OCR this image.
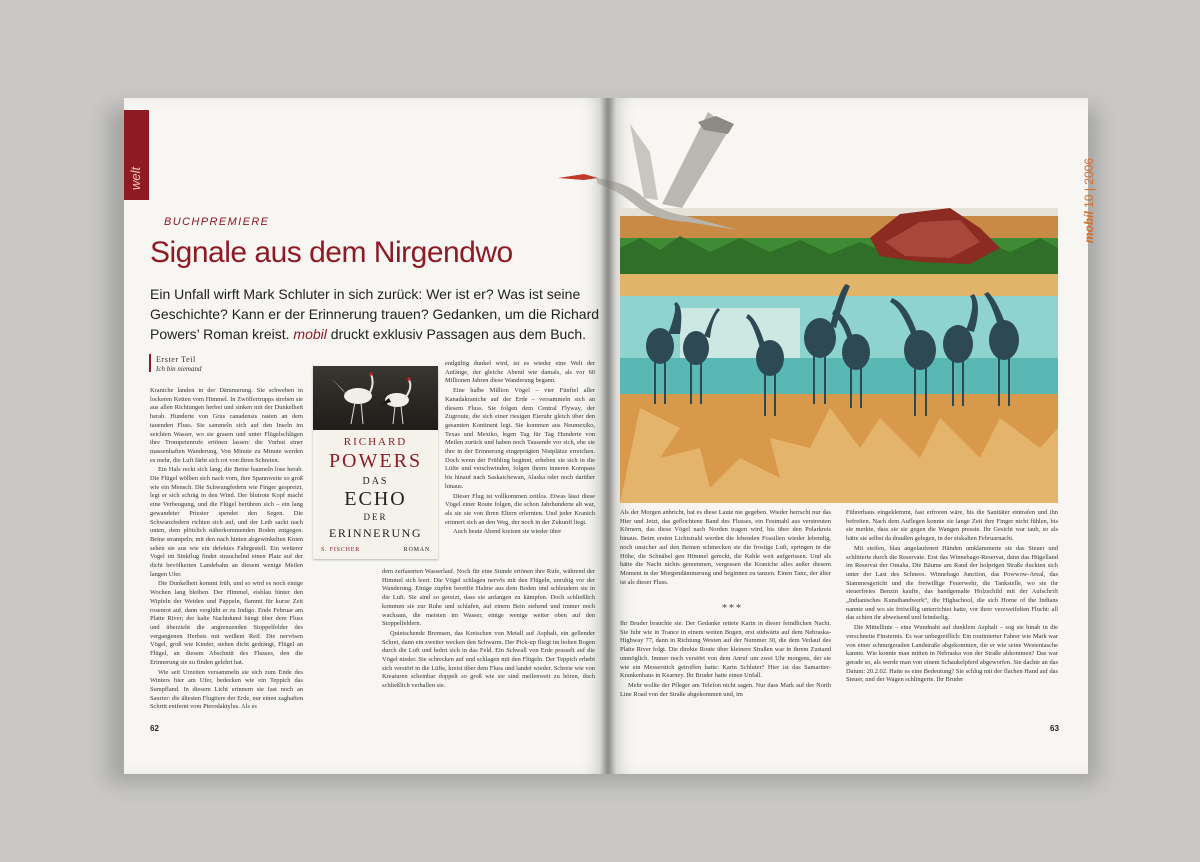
welt
BUCHPREMIERE
Signale aus dem Nirgendwo
Ein Unfall wirft Mark Schluter in sich zurück: Wer ist er? Was ist seine Geschichte? Kann er der Erinnerung trauen? Gedanken, um die Richard Powers’ Roman kreist. mobil druckt exklusiv Passagen aus dem Buch.
Erster Teil
Ich bin niemand

Kraniche landen in der Dämmerung. Sie schweben in lockeren Ketten vom Himmel. In Zwölfertrupps streben sie aus allen Richtungen herbei und sinken mit der Dunkelheit herab. Hunderte von Grus canadensis rasten an dem tauenden Fluss. Sie sammeln sich auf den Inseln im seichten Wasser, wo sie grasen und unter Flügelschlägen ihre Trompetenrufe ertönen lassen: die Vorhut einer massenhaften Wanderung. Von Minute zu Minute werden es mehr, die Luft färbt sich rot von ihren Schreien.

Ein Hals reckt sich lang; die Beine baumeln lose herab. Die Flügel wölben sich nach vorn, ihre Spannweite so groß wie ein Mensch. Die Schwungfedern wie Finger gespreizt, legt er sich schräg in den Wind. Der blutrote Kopf macht eine Verbeugung, und die Flügel berühren sich – ein lang gewandeter Priester spendet den Segen. Die Schwanzfedern richten sich auf, und der Leib sackt nach unten, dem plötzlich näherkommenden Boden entgegen. Beine strampeln; mit den nach hinten abgewinkelten Knien sehen sie aus wie ein defektes Fahrgestell. Ein weiterer Vogel im Sinkflug findet strauchelnd einen Platz auf der dicht bevölkerten Landebahn an diesem wenige Meilen langen Ufer.

Die Dunkelheit kommt früh, und so wird es noch einige Wochen lang bleiben. Der Himmel, eisblau hinter den Wipfeln der Weiden und Pappeln, flammt für kurze Zeit rosenrot auf, dann verglüht er zu Indigo. Ende Februar am Platte River; der kalte Nachtdunst hängt über dem Fluss und überzieht die angrenzenden Stoppelfelder des vergangenen Herbsts mit weißem Reif. Die nervösen Vögel, groß wie Kinder, stehen dicht gedrängt, Flügel an Flügel, an diesem Abschnitt des Flusses, den die Erinnerung sie zu finden gelehrt hat.

Wie seit Urzeiten versammeln sie sich zum Ende des Winters hier am Ufer, bedecken wie ein Teppich das Sumpfland. In diesem Licht erinnern sie fast noch an Saurier: die ältesten Flugtiere der Erde, nur einen zaghaften Schritt entfernt vom Pterodaktylus. Als es

endgültig dunkel wird, ist es wieder eine Welt der Anfänge, der gleiche Abend wie damals, als vor 60 Millionen Jahren diese Wanderung begann.

Eine halbe Million Vögel – vier Fünftel aller Kanadakraniche auf der Erde – versammeln sich an diesem Fluss. Sie folgen dem Central Flyway, der Zugroute, die sich einer riesigen Eieruhr gleich über den gesamten Kontinent legt. Sie kommen aus Neumexiko, Texas und Mexiko, legen Tag für Tag Hunderte von Meilen zurück und haben noch Tausende vor sich, ehe sie ihre in der Erinnerung eingeprägten Nistplätze erreichen. Doch wenn der Frühling beginnt, erheben sie sich in die Lüfte und verschwinden, folgen ihrem inneren Kompass bis hinauf nach Saskatchewan, Alaska oder noch darüber hinaus.

Dieser Flug ist vollkommen zeitlos. Etwas lässt diese Vögel einer Route folgen, die schon Jahrhunderte alt war, als sie sie von ihren Eltern erlernten. Und jeder Kranich erinnert sich an den Weg, der noch in der Zukunft liegt.

Auch heute Abend kreisen sie wieder über

dem zerfaserten Wasserlauf. Noch für eine Stunde ertönen ihre Rufe, während der Himmel sich leert. Die Vögel schlagen nervös mit den Flügeln, unruhig vor der Wanderung. Einige zupfen bereifte Halme aus dem Boden und schleudern sie in die Luft. Sie sind so gereizt, dass sie anfangen zu kämpfen. Doch schließlich kommen sie zur Ruhe und schlafen, auf einem Bein stehend und immer noch wachsam, die meisten im Wasser, einige wenige weiter oben auf den Stoppelfeldern.

Quietschende Bremsen, das Kreischen von Metall auf Asphalt, ein gellender Schrei, dann ein zweiter wecken den Schwarm. Der Pick-up fliegt im hohen Bogen durch die Luft und bohrt sich in das Feld. Ein Schwall von Erde prasselt auf die Vögel nieder. Sie schrecken auf und schlagen mit den Flügeln. Der Teppich erhebt sich verstört in die Lüfte, kreist über dem Fluss und landet wieder. Schreie wie von Kreaturen scheinbar doppelt so groß wie sie sind meilenweit zu hören, doch schließlich verhallen sie.

RICHARD
POWERS
DAS
ECHO
DER
ERINNERUNG
S. FISCHER	ROMAN
62
mobil 10 | 2006

Als der Morgen anbricht, hat es diese Laute nie gegeben. Wieder herrscht nur das Hier und Jetzt, das geflochtene Band des Flusses, ein Festmahl aus verstreuten Körnern, das diese Vögel nach Norden tragen wird, bis über den Polarkreis hinaus. Beim ersten Lichtstrahl werden die lebenden Fossilien wieder lebendig, noch unsicher auf den Beinen schmecken sie die frostige Luft, springen in die Höhe, die Schnäbel gen Himmel gereckt, die Kehle weit aufgerissen. Und als hätte die Nacht nichts genommen, vergessen die Kraniche alles außer diesem Moment in der Morgendämmerung und beginnen zu tanzen. Einen Tanz, der älter ist als dieser Fluss.

***

Ihr Bruder brauchte sie. Der Gedanke rettete Karin in dieser feindlichen Nacht. Sie fuhr wie in Trance in einem weiten Bogen, erst südwärts auf dem Nebraska-Highway 77, dann in Richtung Westen auf der Nummer 30, die dem Verlauf des Platte River folgt. Die direkte Route über kleinere Straßen war in ihrem Zustand unmöglich. Immer noch verstört von dem Anruf um zwei Uhr morgens, der sie wie ein Messerstich getroffen hatte: Karin Schluter? Hier ist das Samariter-Krankenhaus in Kearney. Ihr Bruder hatte einen Unfall.

Mehr wollte der Pfleger am Telefon nicht sagen. Nur dass Mark auf der North Line Road von der Straße abgekommen und, im

Führerhaus eingeklemmt, fast erfroren wäre, bis die Sanitäter eintrafen und ihn befreiten. Nach dem Auflegen konnte sie lange Zeit ihre Finger nicht fühlen, bis sie merkte, dass sie sie gegen die Wangen presste. Ihr Gesicht war taub, so als hätte sie selbst da draußen gelegen, in der eiskalten Februarnacht.

Mit steifen, blau angelaufenen Händen umklammerte sie das Steuer und schlitterte durch die Reservate. Erst das Winnebago-Reservat, dann das Hügelland im Reservat der Omaha. Die Bäume am Rand der holprigen Straße duckten sich unter der Last des Schnees. Winnebago Junction, das Powwow-Areal, das Stammesgericht und die freiwillige Feuerwehr, die Tankstelle, wo sie ihr steuerfreies Benzin kaufte, das handgemalte Holzschild mit der Aufschrift „Indianisches Kunsthandwerk“, die Highschool, die sich Home of the Indians nannte und wo sie freiwillig unterrichtet hatte, vor ihrer verzweifelten Flucht: all das schien ihr abweisend und feindselig.

Die Mittellinie – eine Wundnaht auf dunklem Asphalt – sog sie hinab in die verschneite Finsternis. Es war unbegreiflich: Ein routinierter Fahrer wie Mark war von einer schnurgeraden Landstraße abgekommen, die er wie seine Westentasche kannte. Wie konnte man mitten in Nebraska von der Straße abkommen? Das war gerade so, als werde man von einem Schaukelpferd abgeworfen. Sie dachte an das Datum: 20.2.02. Hatte es eine Bedeutung? Sie schlug mit der flachen Hand auf das Steuer, und der Wagen schlingerte. Ihr Bruder

63
